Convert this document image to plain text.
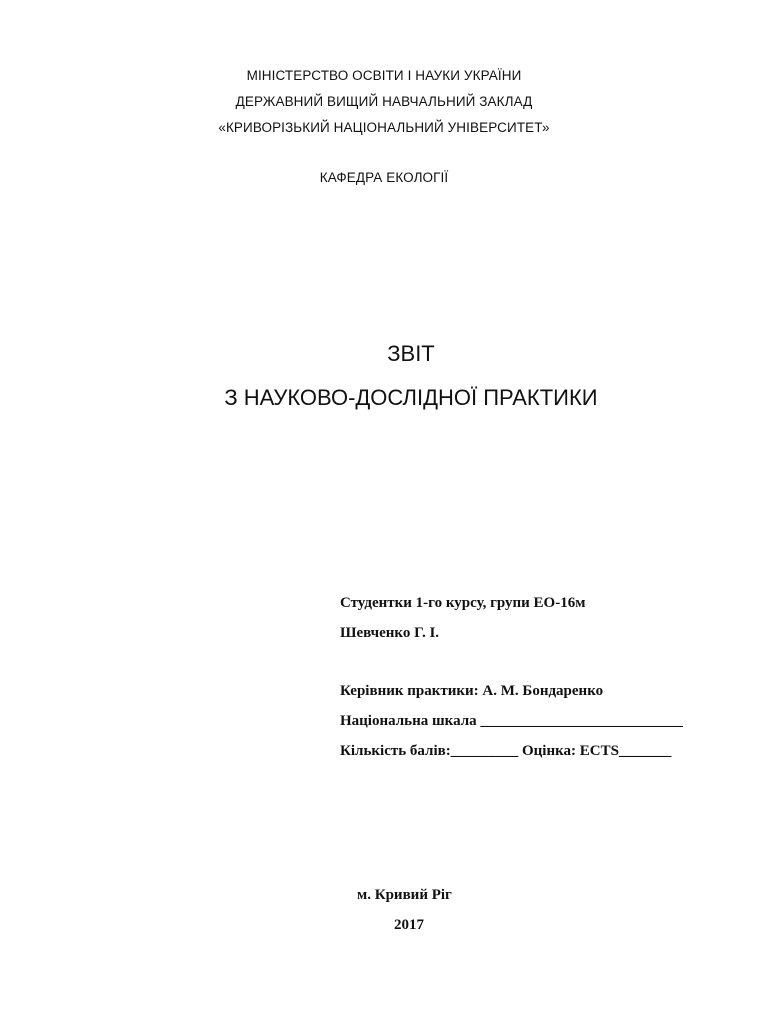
МІНІСТЕРСТВО ОСВІТИ І НАУКИ УКРАЇНИ
ДЕРЖАВНИЙ ВИЩИЙ НАВЧАЛЬНИЙ ЗАКЛАД
«КРИВОРІЗЬКИЙ НАЦІОНАЛЬНИЙ УНІВЕРСИТЕТ»
КАФЕДРА ЕКОЛОГІЇ
ЗВІТ
З НАУКОВО-ДОСЛІДНОЇ ПРАКТИКИ
Студентки 1-го курсу, групи ЕО-16м
Шевченко Г. І.
Керівник практики: А. М. Бондаренко
Національна шкала ___________________________
Кількість балів:_________ Оцінка: ECTS_______
м. Кривий Ріг
2017
